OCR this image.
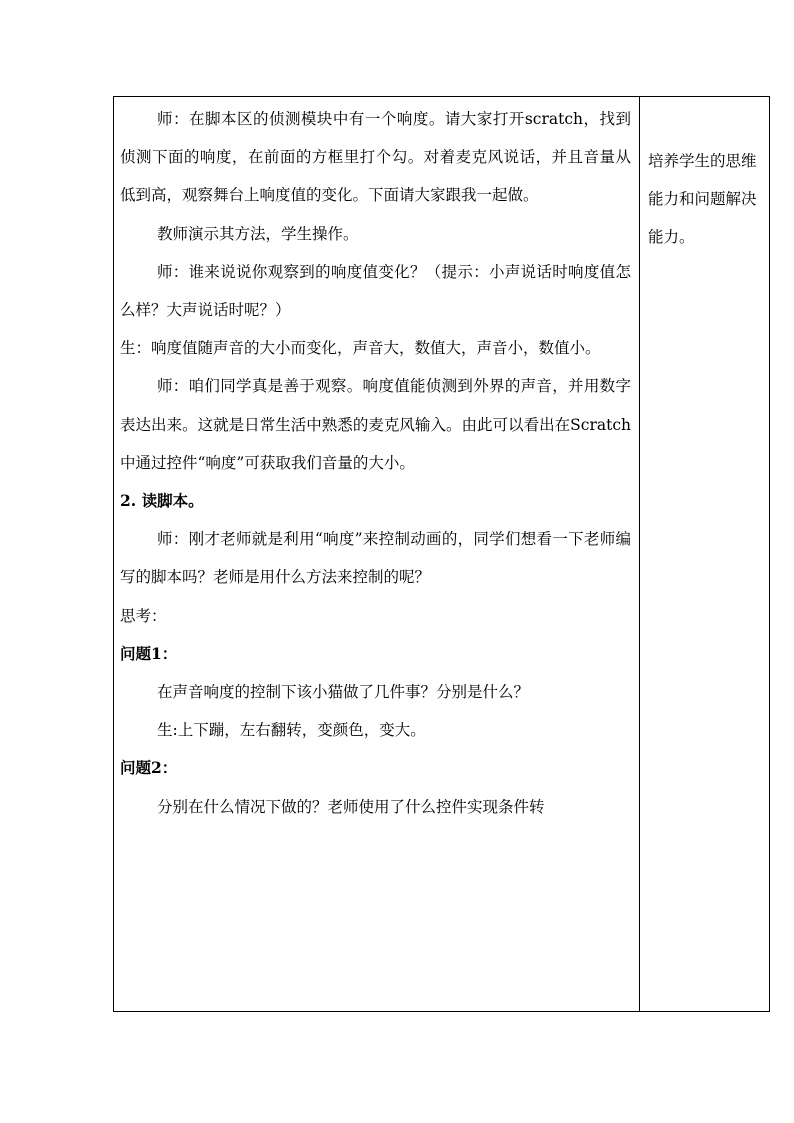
师：在脚本区的侦测模块中有一个响度。请大家打开scratch，找到侦测下面的响度，在前面的方框里打个勾。对着麦克风说话，并且音量从低到高，观察舞台上响度值的变化。下面请大家跟我一起做。

教师演示其方法，学生操作。

师：谁来说说你观察到的响度值变化？（提示：小声说话时响度值怎么样？大声说话时呢？）

生：响度值随声音的大小而变化，声音大，数值大，声音小，数值小。

师：咱们同学真是善于观察。响度值能侦测到外界的声音，并用数字表达出来。这就是日常生活中熟悉的麦克风输入。由此可以看出在Scratch中通过控件“响度”可获取我们音量的大小。

2. 读脚本。

师：刚才老师就是利用“响度”来控制动画的，同学们想看一下老师编写的脚本吗？老师是用什么方法来控制的呢？

思考：

问题1：

在声音响度的控制下该小猫做了几件事？分别是什么？

生:上下蹦，左右翻转，变颜色，变大。

问题2：

分别在什么情况下做的？老师使用了什么控件实现条件转

培养学生的思维能力和问题解决能力。
